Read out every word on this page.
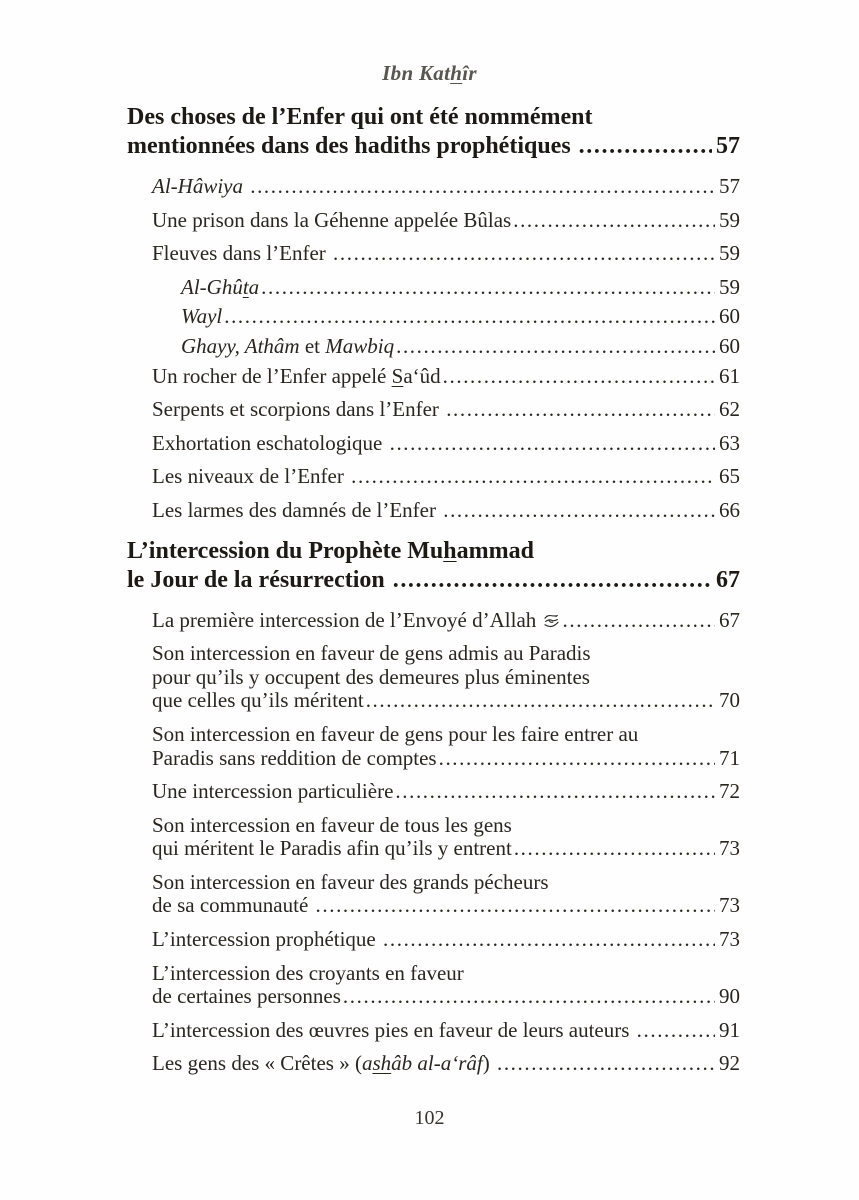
Ibn Kathîr
Des choses de l’Enfer qui ont été nommément
mentionnées dans des hadiths prophétiques .....	57
Al-Hâwiya .....	57
Une prison dans la Géhenne appelée Bûlas .....	59
Fleuves dans l’Enfer .....	59
Al-Ghûta .....	59
Wayl .....	60
Ghayy, Athâm et Mawbiq .....	60
Un rocher de l’Enfer appelé Sa‘ûd .....	61
Serpents et scorpions dans l’Enfer .....	62
Exhortation eschatologique .....	63
Les niveaux de l’Enfer .....	65
Les larmes des damnés de l’Enfer .....	66
L’intercession du Prophète Muhammad
le Jour de la résurrection .....	67
La première intercession de l’Envoyé d’Allah .....	67
Son intercession en faveur de gens admis au Paradis
pour qu’ils y occupent des demeures plus éminentes
que celles qu’ils méritent .....	70
Son intercession en faveur de gens pour les faire entrer au
Paradis sans reddition de comptes .....	71
Une intercession particulière .....	72
Son intercession en faveur de tous les gens
qui méritent le Paradis afin qu’ils y entrent .....	73
Son intercession en faveur des grands pécheurs
de sa communauté .....	73
L’intercession prophétique .....	73
L’intercession des croyants en faveur
de certaines personnes .....	90
L’intercession des œuvres pies en faveur de leurs auteurs .....	91
Les gens des « Crêtes » (ashâb al-a‘râf) .....	92
102
